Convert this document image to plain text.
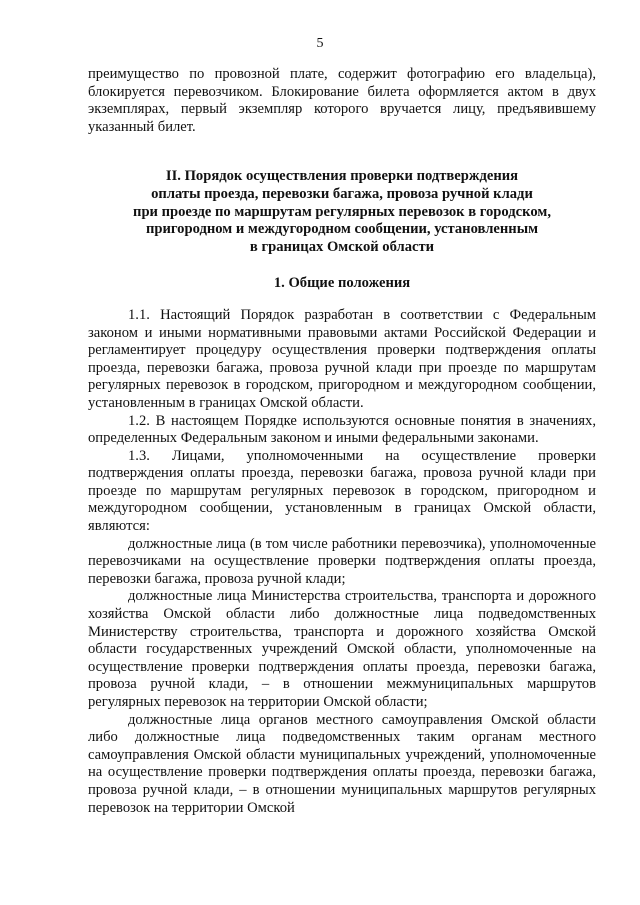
5

преимущество по провозной плате, содержит фотографию его владельца), блокируется перевозчиком. Блокирование билета оформляется актом в двух экземплярах, первый экземпляр которого вручается лицу, предъявившему указанный билет.

II. Порядок осуществления проверки подтверждения
оплаты проезда, перевозки багажа, провоза ручной клади
при проезде по маршрутам регулярных перевозок в городском,
пригородном и междугородном сообщении, установленным
в границах Омской области
1. Общие положения

1.1. Настоящий Порядок разработан в соответствии с Федеральным законом и иными нормативными правовыми актами Российской Федерации и регламентирует процедуру осуществления проверки подтверждения оплаты проезда, перевозки багажа, провоза ручной клади при проезде по маршрутам регулярных перевозок в городском, пригородном и междугородном сообщении, установленным в границах Омской области.

1.2. В настоящем Порядке используются основные понятия в значениях, определенных Федеральным законом и иными федеральными законами.

1.3. Лицами, уполномоченными на осуществление проверки подтверждения оплаты проезда, перевозки багажа, провоза ручной клади при проезде по маршрутам регулярных перевозок в городском, пригородном и междугородном сообщении, установленным в границах Омской области, являются:

должностные лица (в том числе работники перевозчика), уполномоченные перевозчиками на осуществление проверки подтверждения оплаты проезда, перевозки багажа, провоза ручной клади;

должностные лица Министерства строительства, транспорта и дорожного хозяйства Омской области либо должностные лица подведомственных Министерству строительства, транспорта и дорожного хозяйства Омской области государственных учреждений Омской области, уполномоченные на осуществление проверки подтверждения оплаты проезда, перевозки багажа, провоза ручной клади, – в отношении межмуниципальных маршрутов регулярных перевозок на территории Омской области;

должностные лица органов местного самоуправления Омской области либо должностные лица подведомственных таким органам местного самоуправления Омской области муниципальных учреждений, уполномоченные на осуществление проверки подтверждения оплаты проезда, перевозки багажа, провоза ручной клади, – в отношении муниципальных маршрутов регулярных перевозок на территории Омской
